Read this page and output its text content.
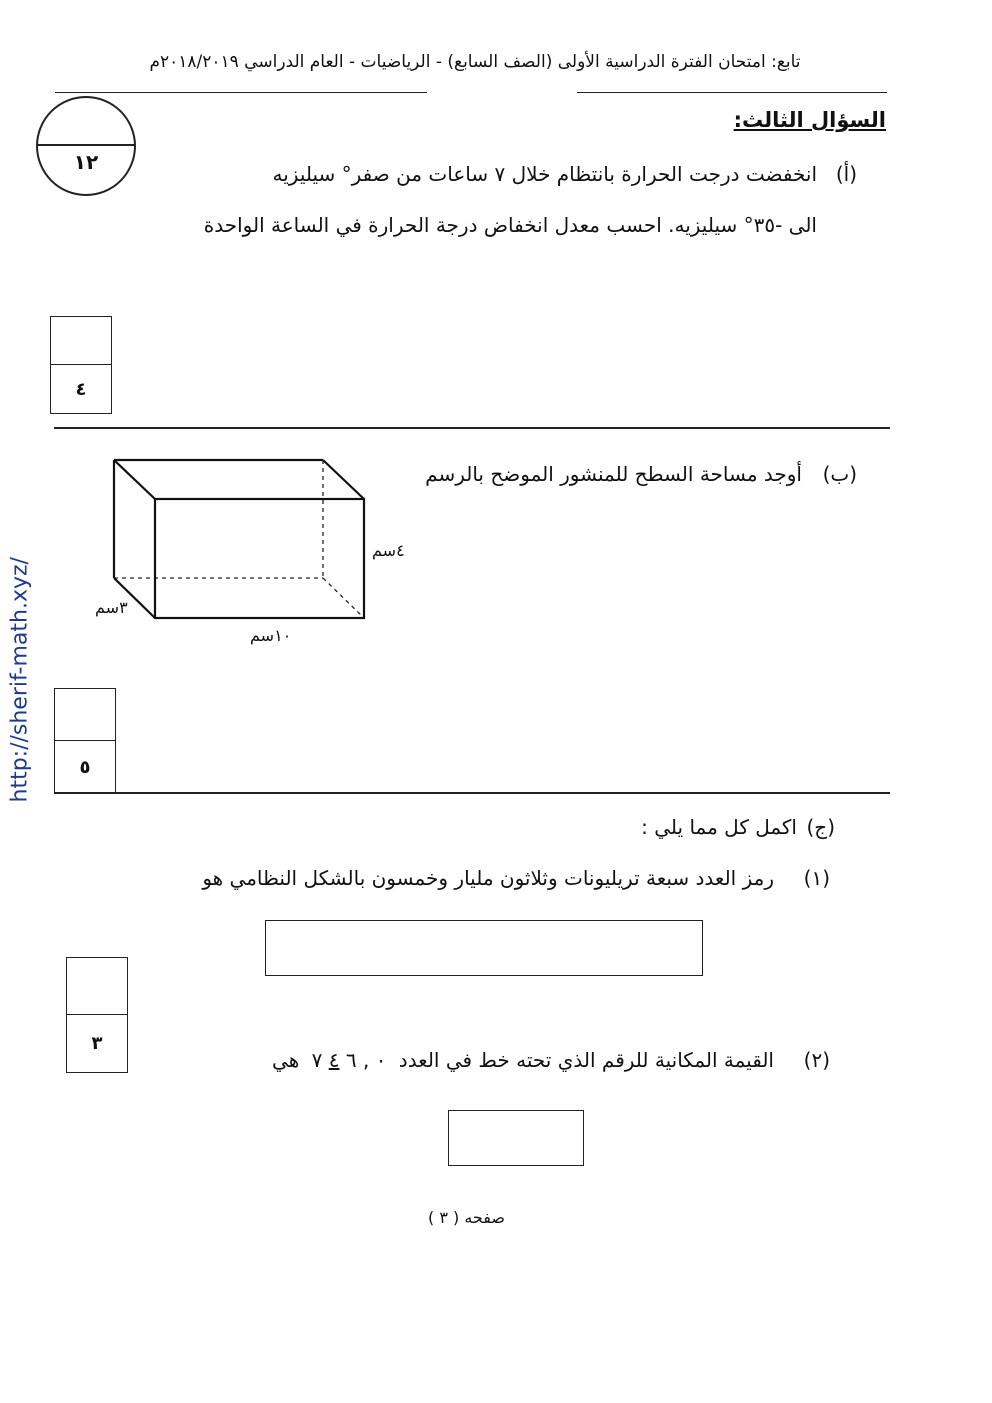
تابع: امتحان الفترة الدراسية الأولى (الصف السابع) - الرياضيات - العام الدراسي ٢٠١٨/٢٠١٩م
السؤال الثالث:
١٢	(أ)
انخفضت درجت الحرارة بانتظام خلال ٧ ساعات من صفر° سيليزيه
الى -٣٥° سيليزيه. احسب معدل انخفاض درجة الحرارة في الساعة الواحدة
٤
(ب)
أوجد مساحة السطح للمنشور الموضح بالرسم
٤سم
٣سم
١٠سم
٥
(ج)
اكمل كل مما يلي :
(١)
رمز العدد سبعة تريليونات وثلاثون مليار وخمسون بالشكل النظامي هو
٣
(٢)
القيمة المكانية للرقم الذي تحته خط في العدد ٠ , ٦ ٤ ٧ هي
صفحه ( ٣ )
http://sherif-math.xyz/
